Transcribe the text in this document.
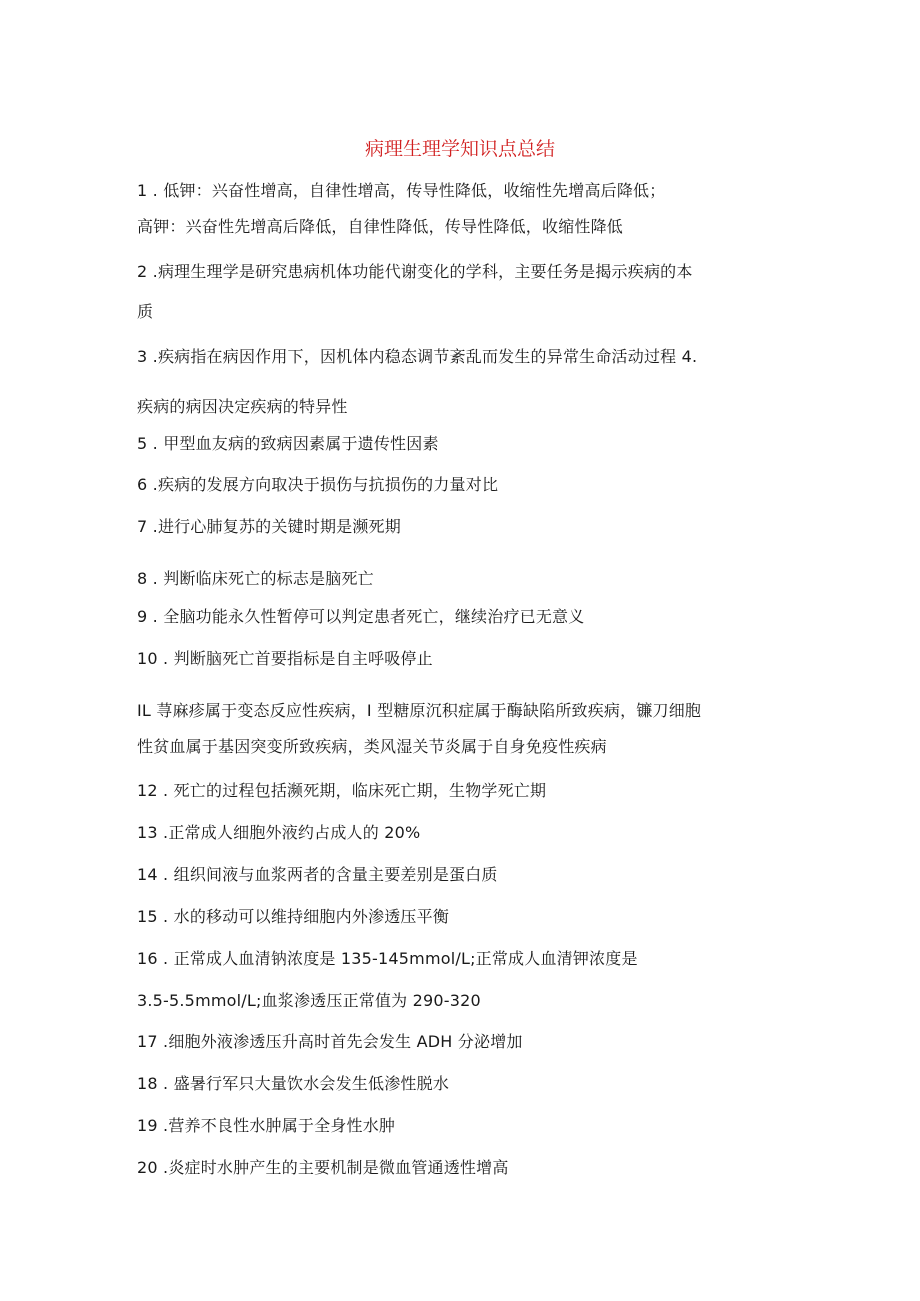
病理生理学知识点总结
1 . 低钾：兴奋性增高，自律性增高，传导性降低，收缩性先增高后降低；
高钾：兴奋性先增高后降低，自律性降低，传导性降低，收缩性降低
2 .病理生理学是研究患病机体功能代谢变化的学科，主要任务是揭示疾病的本
质
3 .疾病指在病因作用下，因机体内稳态调节紊乱而发生的异常生命活动过程 4.
疾病的病因决定疾病的特异性
5 . 甲型血友病的致病因素属于遗传性因素
6 .疾病的发展方向取决于损伤与抗损伤的力量对比
7 .进行心肺复苏的关键时期是濒死期
8 . 判断临床死亡的标志是脑死亡
9 . 全脑功能永久性暂停可以判定患者死亡，继续治疗已无意义
10 . 判断脑死亡首要指标是自主呼吸停止
IL 荨麻疹属于变态反应性疾病，I 型糖原沉积症属于酶缺陷所致疾病，镰刀细胞
性贫血属于基因突变所致疾病，类风湿关节炎属于自身免疫性疾病
12 . 死亡的过程包括濒死期，临床死亡期，生物学死亡期
13 .正常成人细胞外液约占成人的 20%
14 . 组织间液与血浆两者的含量主要差别是蛋白质
15 . 水的移动可以维持细胞内外渗透压平衡
16 . 正常成人血清钠浓度是 135-145mmol/L;正常成人血清钾浓度是
3.5-5.5mmol/L;血浆渗透压正常值为 290-320
17 .细胞外液渗透压升高时首先会发生 ADH 分泌增加
18 . 盛暑行军只大量饮水会发生低渗性脱水
19 .营养不良性水肿属于全身性水肿
20 .炎症时水肿产生的主要机制是微血管通透性增高
